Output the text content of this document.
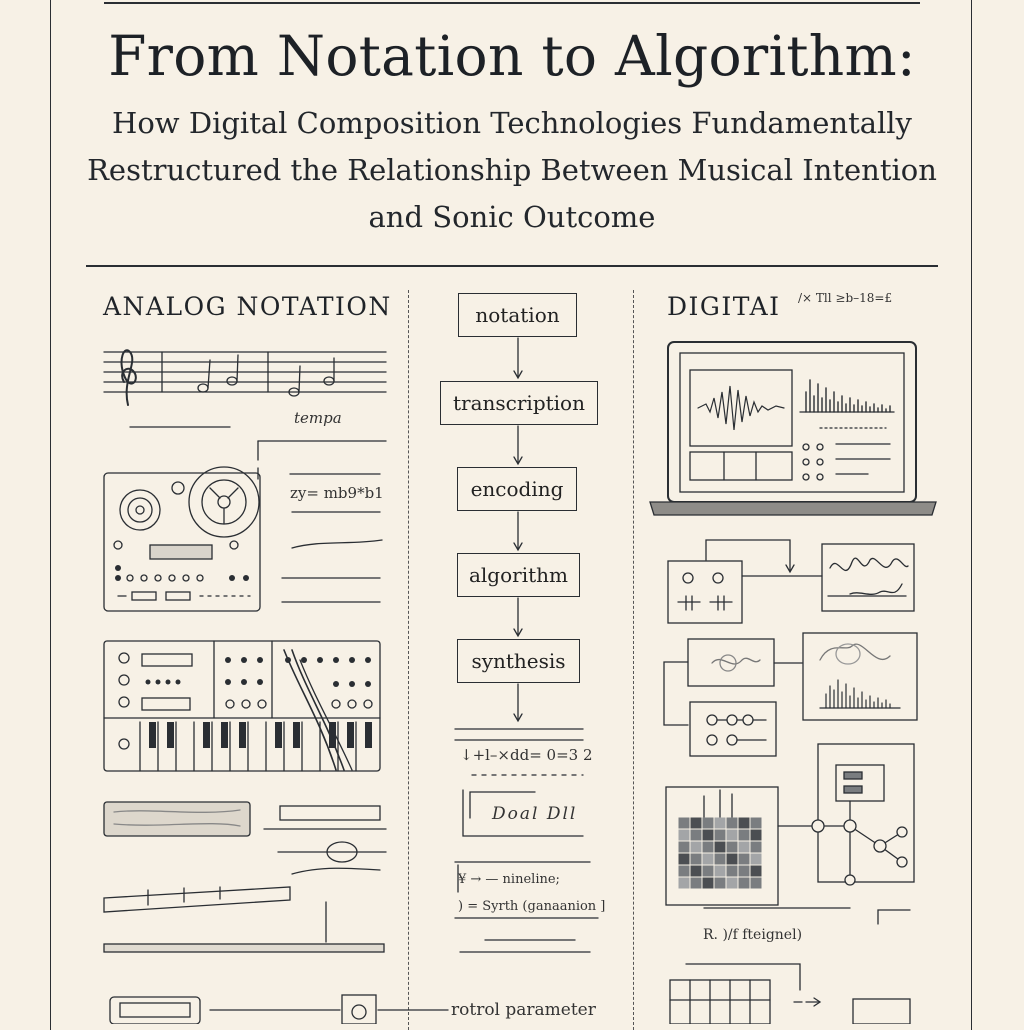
From Notation to Algorithm:
How Digital Composition Technologies Fundamentally Restructured the Relationship Between Musical Intention and Sonic Outcome
ANALOG NOTATION	DIGITAI
notation
transcription
encoding
algorithm
synthesis
tempa
zy= mb9*b1
/× Tll ≥b–18=£
↓+l–×dd= 0=3 2
Doal Dll
¥ → — nineline;
) = Syrth (ganaanion ]
R. )/f fteignel)
rotrol parameter
